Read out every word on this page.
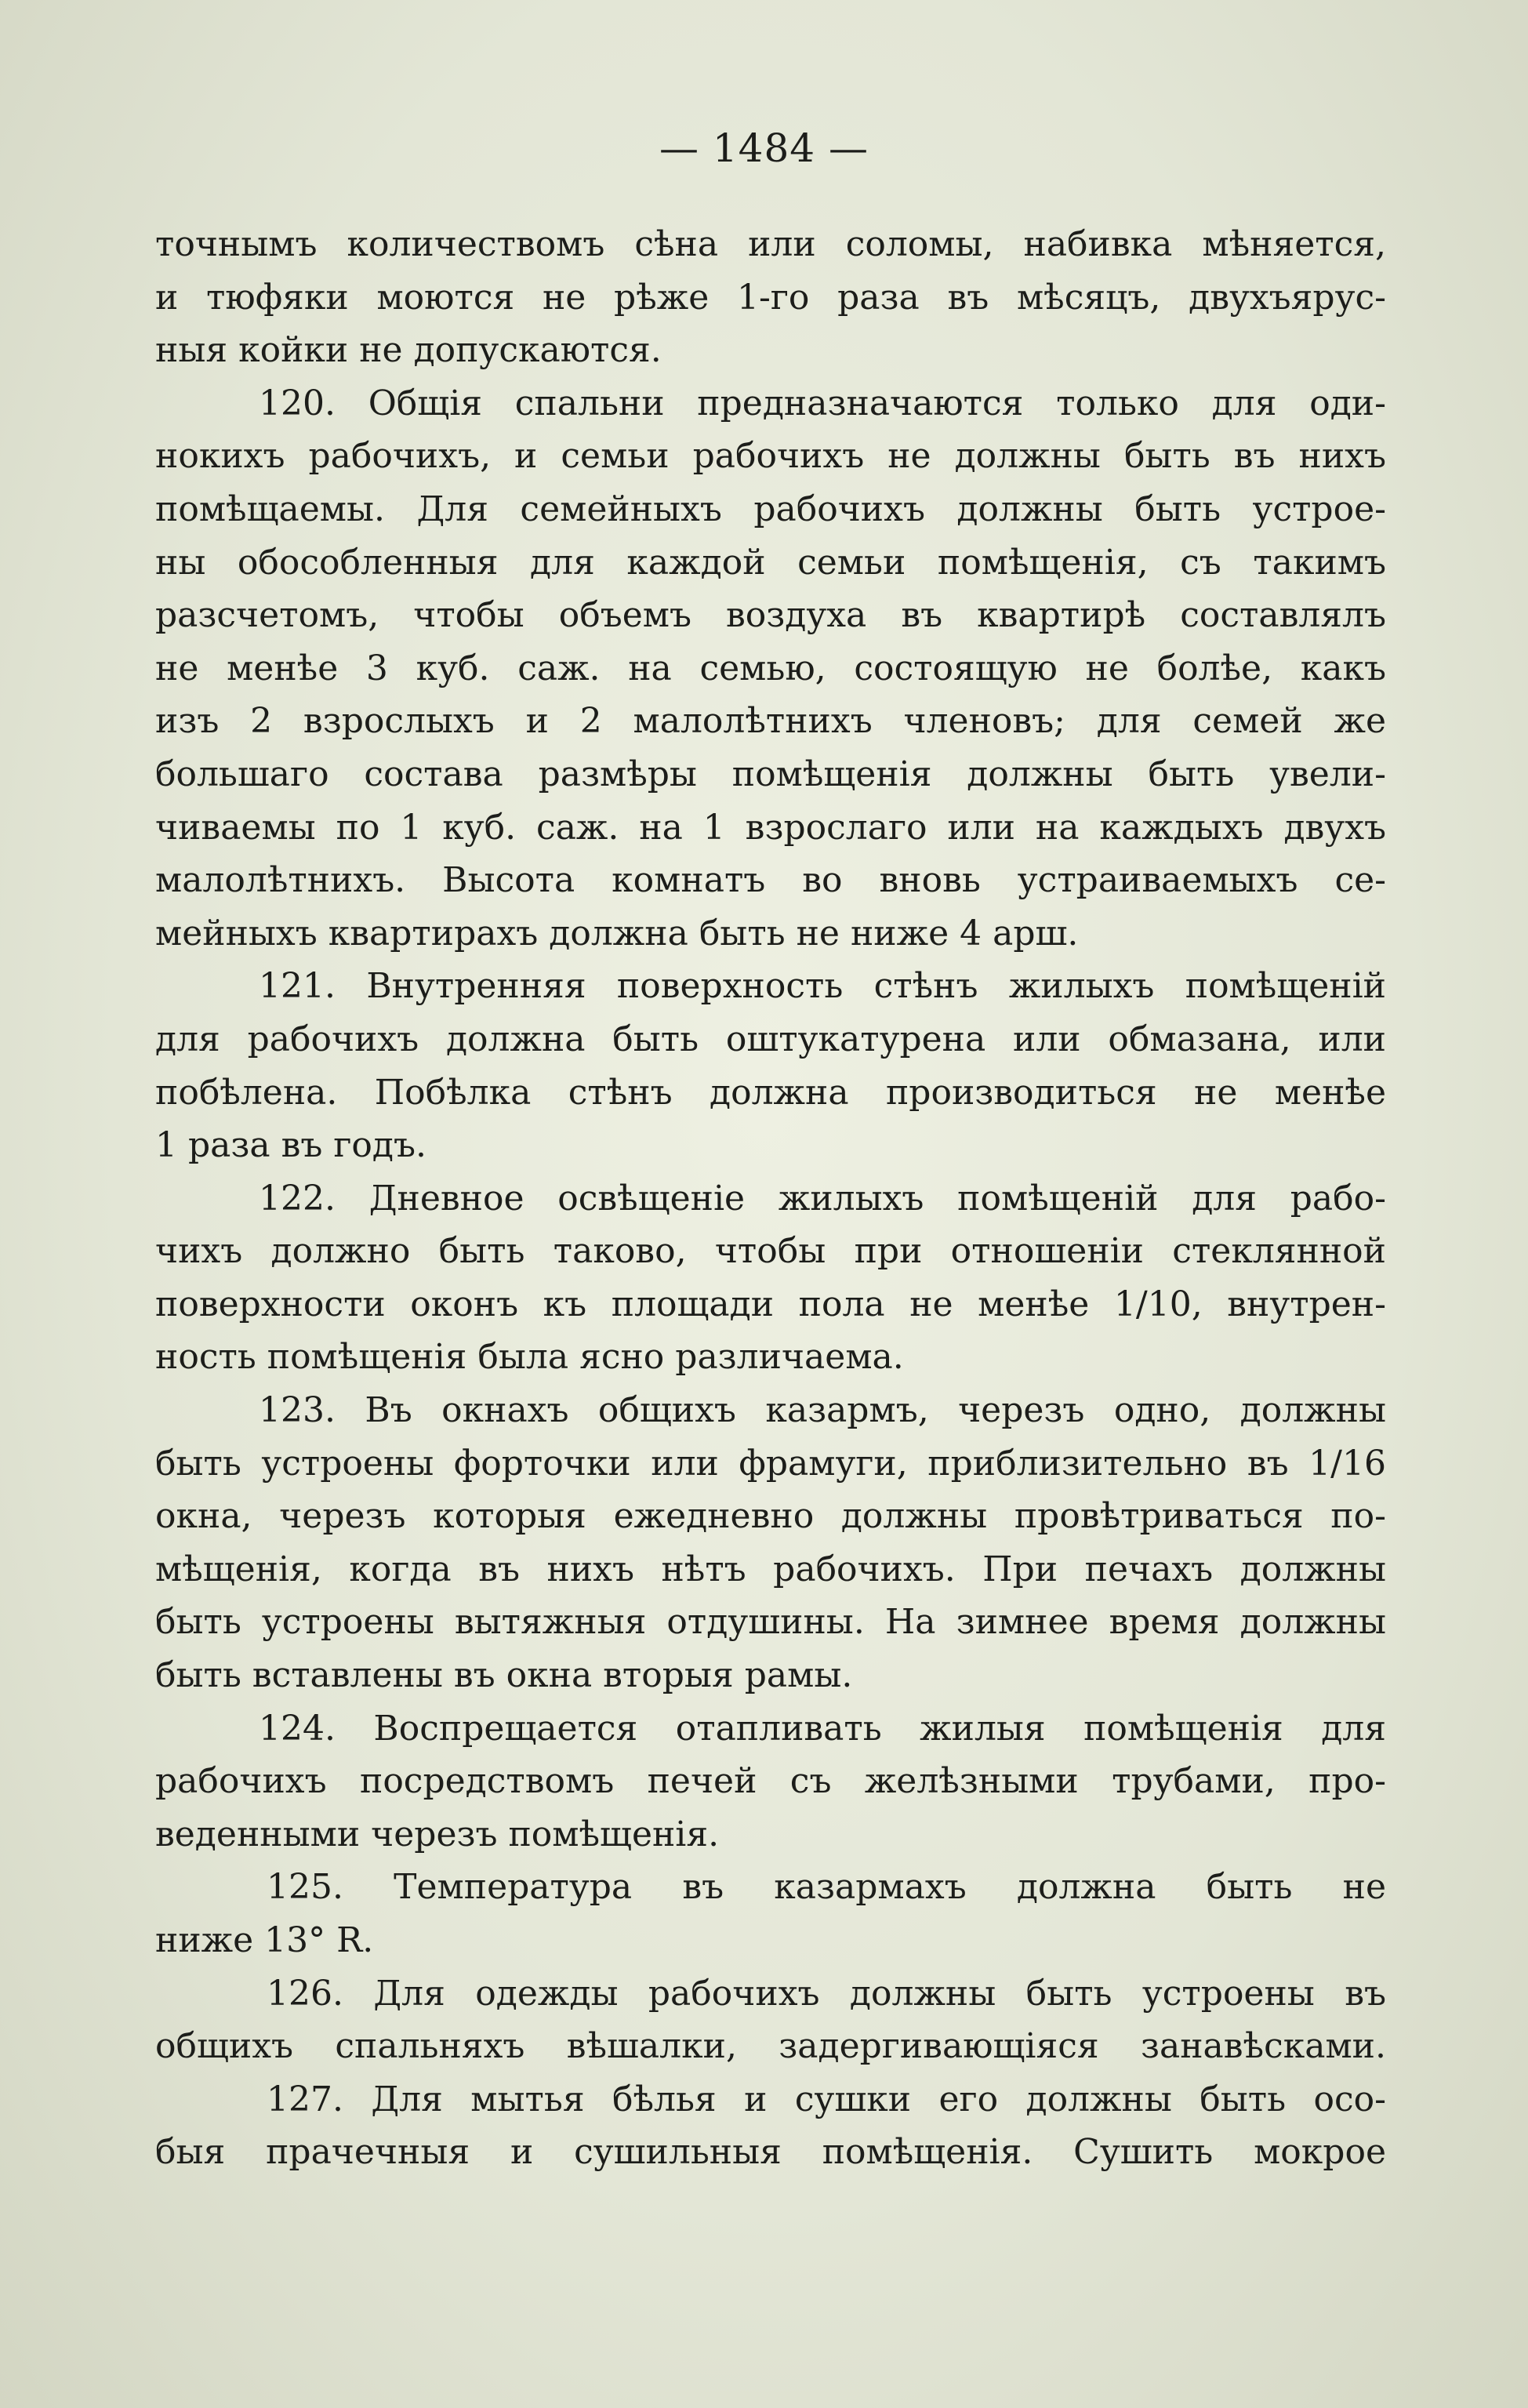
— 1484 —
точнымъ количествомъ сѣна или соломы, набивка мѣняется,
и тюфяки моются не рѣже 1-го раза въ мѣсяцъ, двухъярус-
ныя койки не допускаются.
120. Общія спальни предназначаются только для оди-
нокихъ рабочихъ, и семьи рабочихъ не должны быть въ нихъ
помѣщаемы. Для семейныхъ рабочихъ должны быть устрое-
ны обособленныя для каждой семьи помѣщенія, съ такимъ
разсчетомъ, чтобы объемъ воздуха въ квартирѣ составлялъ
не менѣе 3 куб. саж. на семью, состоящую не болѣе, какъ
изъ 2 взрослыхъ и 2 малолѣтнихъ членовъ; для семей же
большаго состава размѣры помѣщенія должны быть увели-
чиваемы по 1 куб. саж. на 1 взрослаго или на каждыхъ двухъ
малолѣтнихъ. Высота комнатъ во вновь устраиваемыхъ се-
мейныхъ квартирахъ должна быть не ниже 4 арш.
121. Внутренняя поверхность стѣнъ жилыхъ помѣщеній
для рабочихъ должна быть оштукатурена или обмазана, или
побѣлена. Побѣлка стѣнъ должна производиться не менѣе
1 раза въ годъ.
122. Дневное освѣщеніе жилыхъ помѣщеній для рабо-
чихъ должно быть таково, чтобы при отношеніи стеклянной
поверхности оконъ къ площади пола не менѣе 1/10, внутрен-
ность помѣщенія была ясно различаема.
123. Въ окнахъ общихъ казармъ, черезъ одно, должны
быть устроены форточки или фрамуги, приблизительно въ 1/16
окна, черезъ которыя ежедневно должны провѣтриваться по-
мѣщенія, когда въ нихъ нѣтъ рабочихъ. При печахъ должны
быть устроены вытяжныя отдушины. На зимнее время должны
быть вставлены въ окна вторыя рамы.
124. Воспрещается отапливать жилыя помѣщенія для
рабочихъ посредствомъ печей съ желѣзными трубами, про-
веденными черезъ помѣщенія.
125. Температура въ казармахъ должна быть не
ниже 13° R.
126. Для одежды рабочихъ должны быть устроены въ
общихъ спальняхъ вѣшалки, задергивающіяся занавѣсками.
127. Для мытья бѣлья и сушки его должны быть осо-
быя прачечныя и сушильныя помѣщенія. Сушить мокрое
